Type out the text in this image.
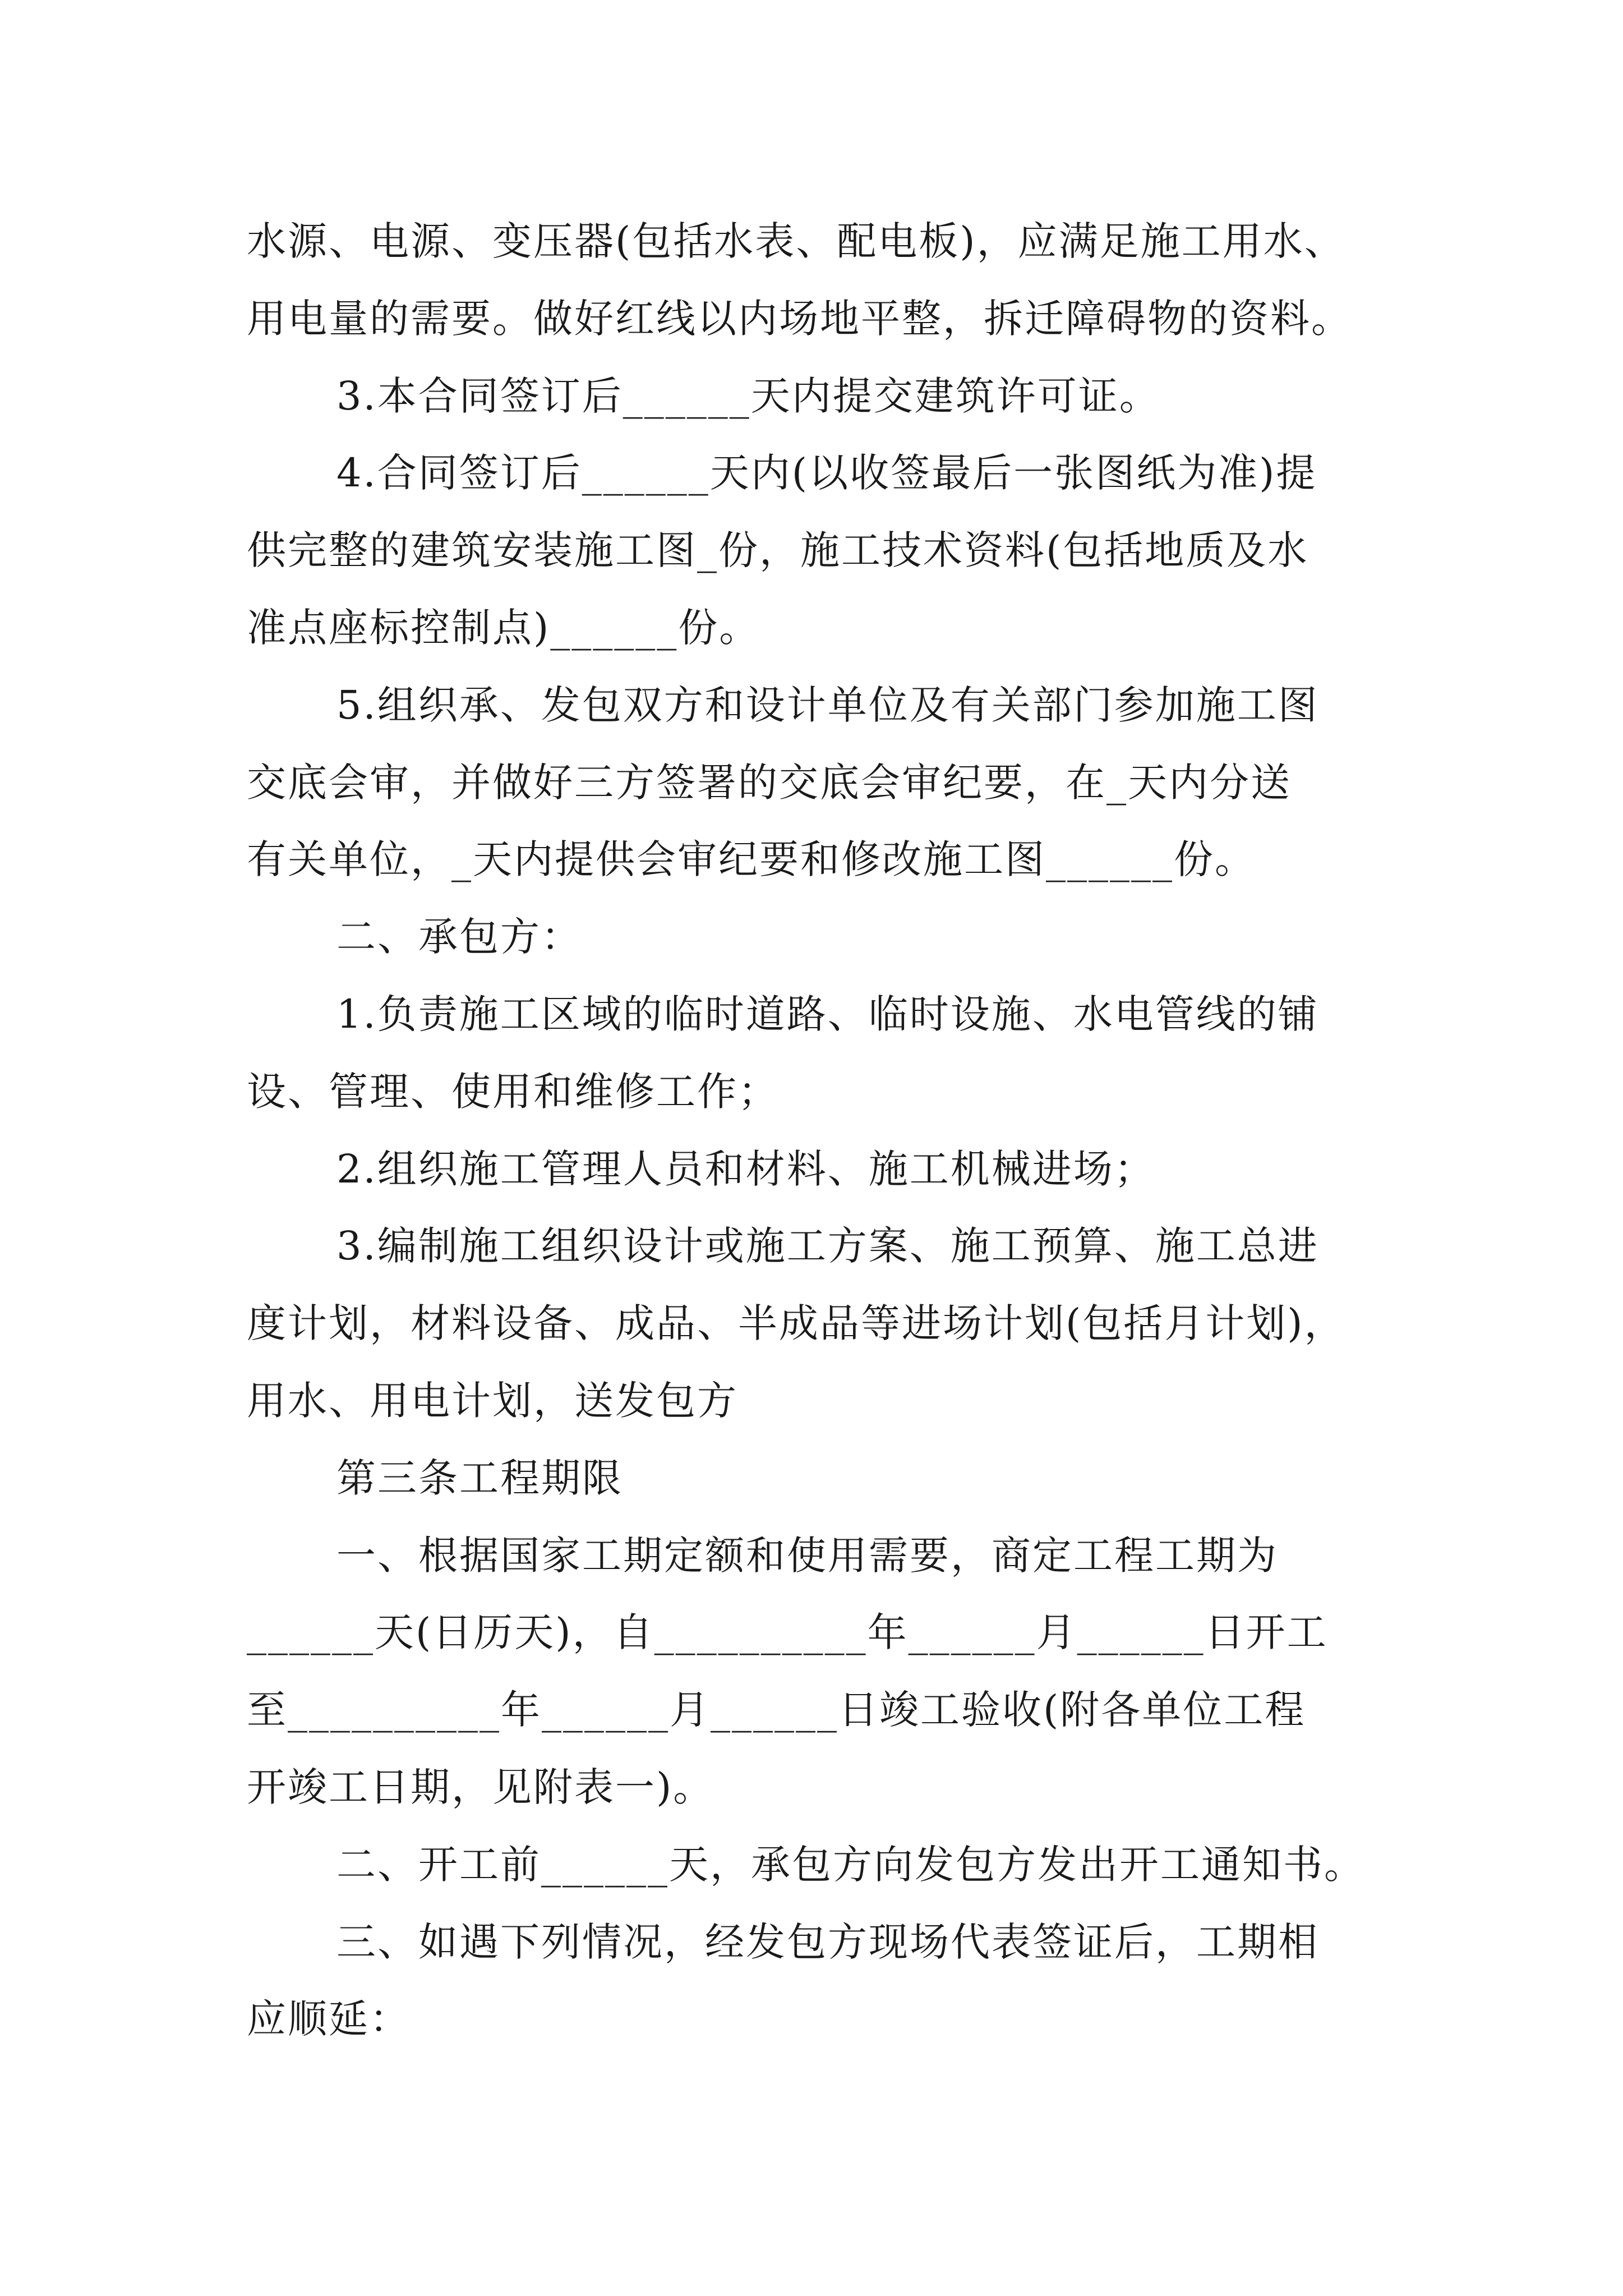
水源、电源、变压器(包括水表、配电板)，应满足施工用水、
用电量的需要。做好红线以内场地平整，拆迁障碍物的资料。
3.本合同签订后______天内提交建筑许可证。
4.合同签订后______天内(以收签最后一张图纸为准)提
供完整的建筑安装施工图_份，施工技术资料(包括地质及水
准点座标控制点)______份。
5.组织承、发包双方和设计单位及有关部门参加施工图
交底会审，并做好三方签署的交底会审纪要，在_天内分送
有关单位，_天内提供会审纪要和修改施工图______份。
二、承包方：
1.负责施工区域的临时道路、临时设施、水电管线的铺
设、管理、使用和维修工作；
2.组织施工管理人员和材料、施工机械进场；
3.编制施工组织设计或施工方案、施工预算、施工总进
度计划，材料设备、成品、半成品等进场计划(包括月计划)，
用水、用电计划，送发包方
第三条工程期限
一、根据国家工期定额和使用需要，商定工程工期为
______天(日历天)，自__________年______月______日开工
至__________年______月______日竣工验收(附各单位工程
开竣工日期，见附表一)。
二、开工前______天，承包方向发包方发出开工通知书。
三、如遇下列情况，经发包方现场代表签证后，工期相
应顺延：
